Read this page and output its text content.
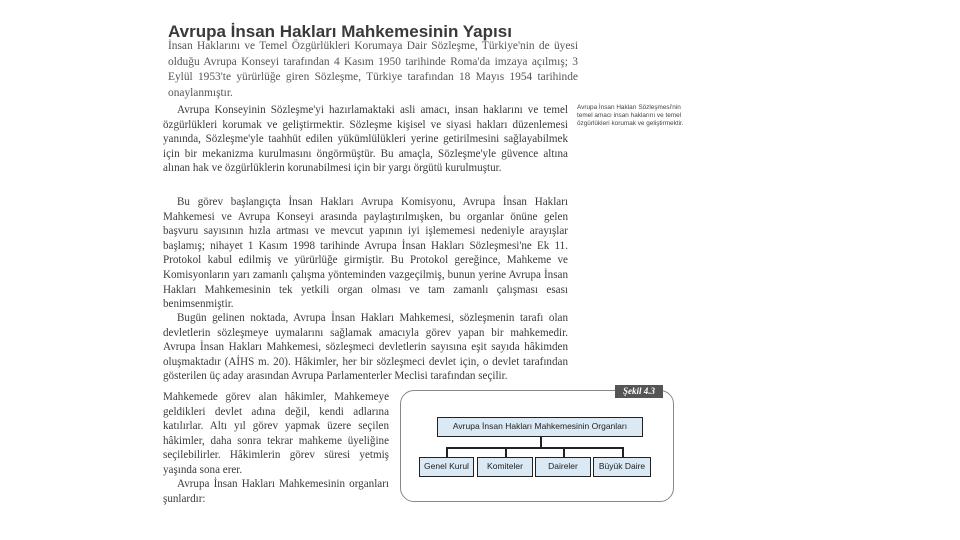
Avrupa İnsan Hakları Mahkemesinin Yapısı
İnsan Haklarını ve Temel Özgürlükleri Korumaya Dair Sözleşme, Türkiye'nin de üyesi olduğu Avrupa Konseyi tarafından 4 Kasım 1950 tarihinde Roma'da imzaya açılmış; 3 Eylül 1953'te yürürlüğe giren Sözleşme, Türkiye tarafından 18 Mayıs 1954 tarihinde onaylanmıştır.
Avrupa Konseyinin Sözleşme'yi hazırlamaktaki asli amacı, insan haklarını ve temel özgürlükleri korumak ve geliştirmektir. Sözleşme kişisel ve siyasi hakları düzenlemesi yanında, Sözleşme'yle taahhüt edilen yükümlülükleri yerine getirilmesini sağlayabilmek için bir mekanizma kurulmasını öngörmüştür. Bu amaçla, Sözleşme'yle güvence altına alınan hak ve özgürlüklerin korunabilmesi için bir yargı örgütü kurulmuştur.
Bu görev başlangıçta İnsan Hakları Avrupa Komisyonu, Avrupa İnsan Hakları Mahkemesi ve Avrupa Konseyi arasında paylaştırılmışken, bu organlar önüne gelen başvuru sayısının hızla artması ve mevcut yapının iyi işlememesi nedeniyle arayışlar başlamış; nihayet 1 Kasım 1998 tarihinde Avrupa İnsan Hakları Sözleşmesi'ne Ek 11. Protokol kabul edilmiş ve yürürlüğe girmiştir. Bu Protokol gereğince, Mahkeme ve Komisyonların yarı zamanlı çalışma yönteminden vazgeçilmiş, bunun yerine Avrupa İnsan Hakları Mahkemesinin tek yetkili organ olması ve tam zamanlı çalışması esası benimsenmiştir.
Bugün gelinen noktada, Avrupa İnsan Hakları Mahkemesi, sözleşmenin tarafı olan devletlerin sözleşmeye uymalarını sağlamak amacıyla görev yapan bir mahkemedir. Avrupa İnsan Hakları Mahkemesi, sözleşmeci devletlerin sayısına eşit sayıda hâkimden oluşmaktadır (AİHS m. 20). Hâkimler, her bir sözleşmeci devlet için, o devlet tarafından gösterilen üç aday arasından Avrupa Parlamenterler Meclisi tarafından seçilir.
Mahkemede görev alan hâkimler, Mahkemeye geldikleri devlet adına değil, kendi adlarına katılırlar. Altı yıl görev yapmak üzere seçilen hâkimler, daha sonra tekrar mahkeme üyeliğine seçilebilirler. Hâkimlerin görev süresi yetmiş yaşında sona erer.
Avrupa İnsan Hakları Mahkemesinin organları şunlardır:
Avrupa İnsan Hakları Sözleşmesi'nin temel amacı insan haklarını ve temel özgürlükleri korumak ve geliştirmektir.
Şekil 4.3
Avrupa İnsan Hakları Mahkemesinin Organları
Genel Kurul	Komiteler	Daireler	Büyük Daire
